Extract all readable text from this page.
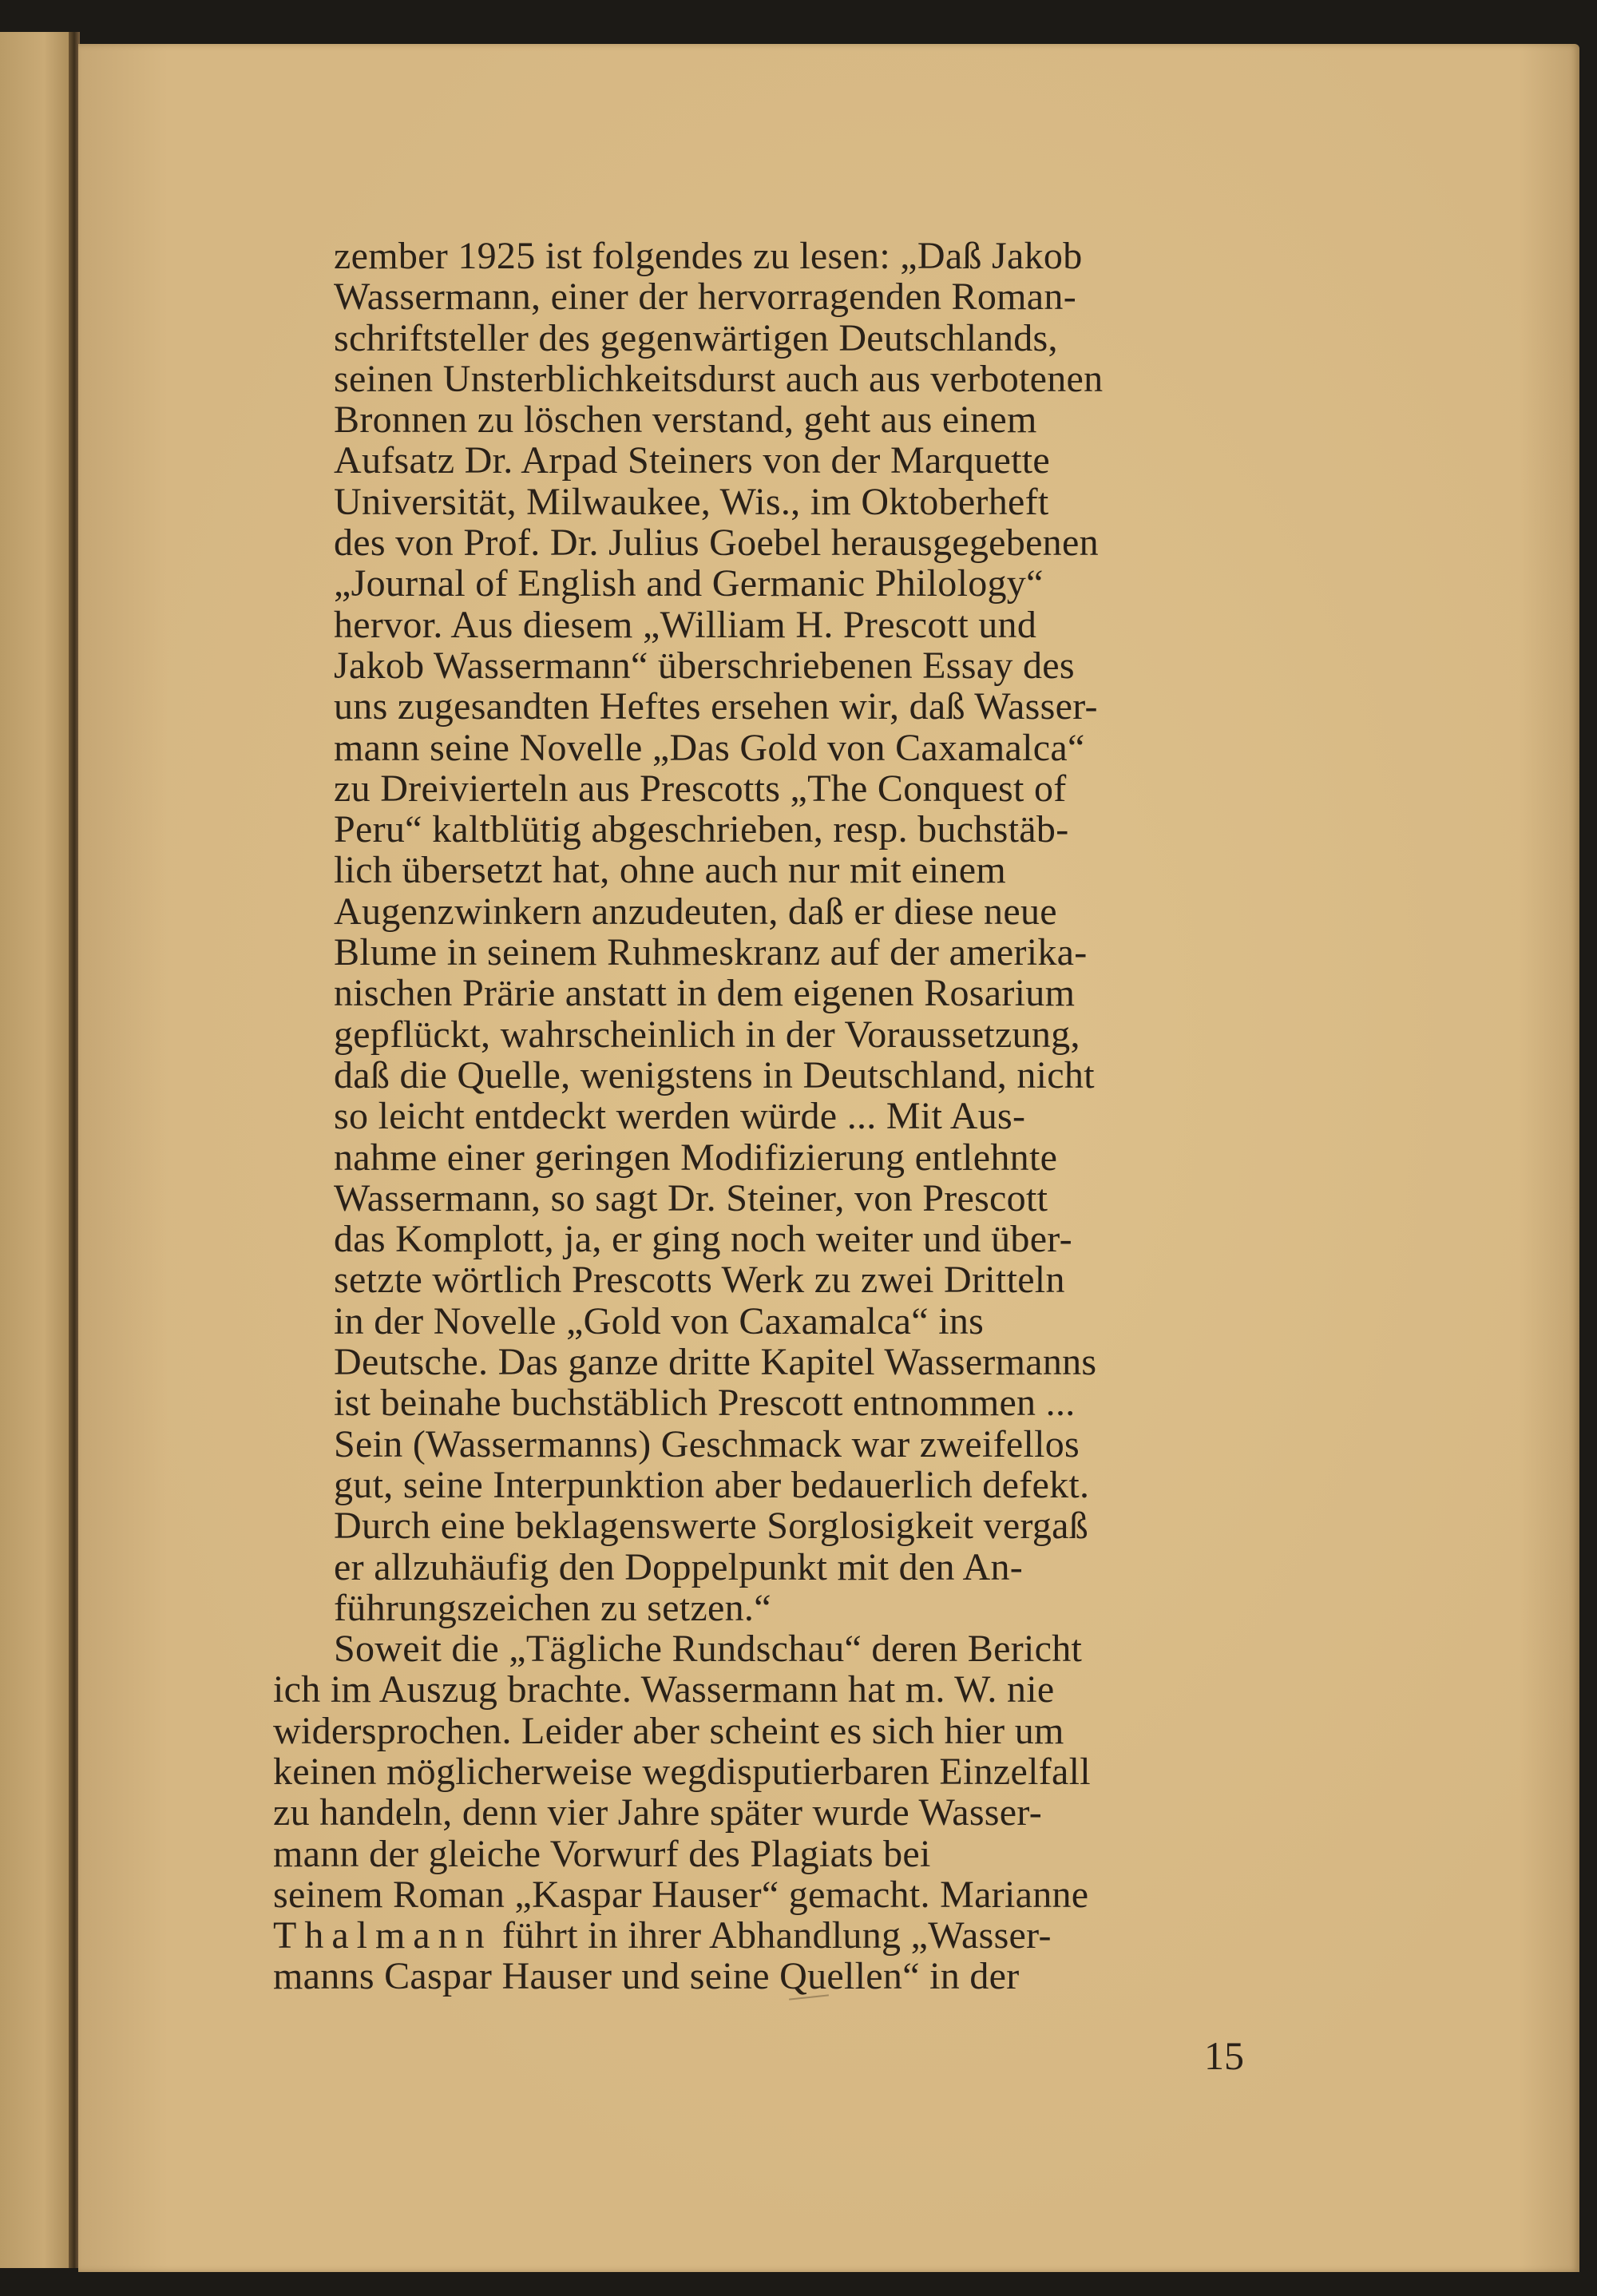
zember 1925 ist folgendes zu lesen: „Daß Jakob
Wassermann, einer der hervorragenden Roman-
schriftsteller des gegenwärtigen Deutschlands,
seinen Unsterblichkeitsdurst auch aus verbotenen
Bronnen zu löschen verstand, geht aus einem
Aufsatz Dr. Arpad Steiners von der Marquette
Universität, Milwaukee, Wis., im Oktoberheft
des von Prof. Dr. Julius Goebel herausgegebenen
„Journal of English and Germanic Philology“
hervor. Aus diesem „William H. Prescott und
Jakob Wassermann“ überschriebenen Essay des
uns zugesandten Heftes ersehen wir, daß Wasser-
mann seine Novelle „Das Gold von Caxamalca“
zu Dreivierteln aus Prescotts „The Conquest of
Peru“ kaltblütig abgeschrieben, resp. buchstäb-
lich übersetzt hat, ohne auch nur mit einem
Augenzwinkern anzudeuten, daß er diese neue
Blume in seinem Ruhmeskranz auf der amerika-
nischen Prärie anstatt in dem eigenen Rosarium
gepflückt, wahrscheinlich in der Voraussetzung,
daß die Quelle, wenigstens in Deutschland, nicht
so leicht entdeckt werden würde ... Mit Aus-
nahme einer geringen Modifizierung entlehnte
Wassermann, so sagt Dr. Steiner, von Prescott
das Komplott, ja, er ging noch weiter und über-
setzte wörtlich Prescotts Werk zu zwei Dritteln
in der Novelle „Gold von Caxamalca“ ins
Deutsche. Das ganze dritte Kapitel Wassermanns
ist beinahe buchstäblich Prescott entnommen ...
Sein (Wassermanns) Geschmack war zweifellos
gut, seine Interpunktion aber bedauerlich defekt.
Durch eine beklagenswerte Sorglosigkeit vergaß
er allzuhäufig den Doppelpunkt mit den An-
führungszeichen zu setzen.“
Soweit die „Tägliche Rundschau“ deren Bericht
ich im Auszug brachte. Wassermann hat m. W. nie
widersprochen. Leider aber scheint es sich hier um
keinen möglicherweise wegdisputierbaren Einzelfall
zu handeln, denn vier Jahre später wurde Wasser-
mann der gleiche Vorwurf des Plagiats bei
seinem Roman „Kaspar Hauser“ gemacht. Marianne
Thalmann führt in ihrer Abhandlung „Wasser-
manns Caspar Hauser und seine Quellen“ in der
15
